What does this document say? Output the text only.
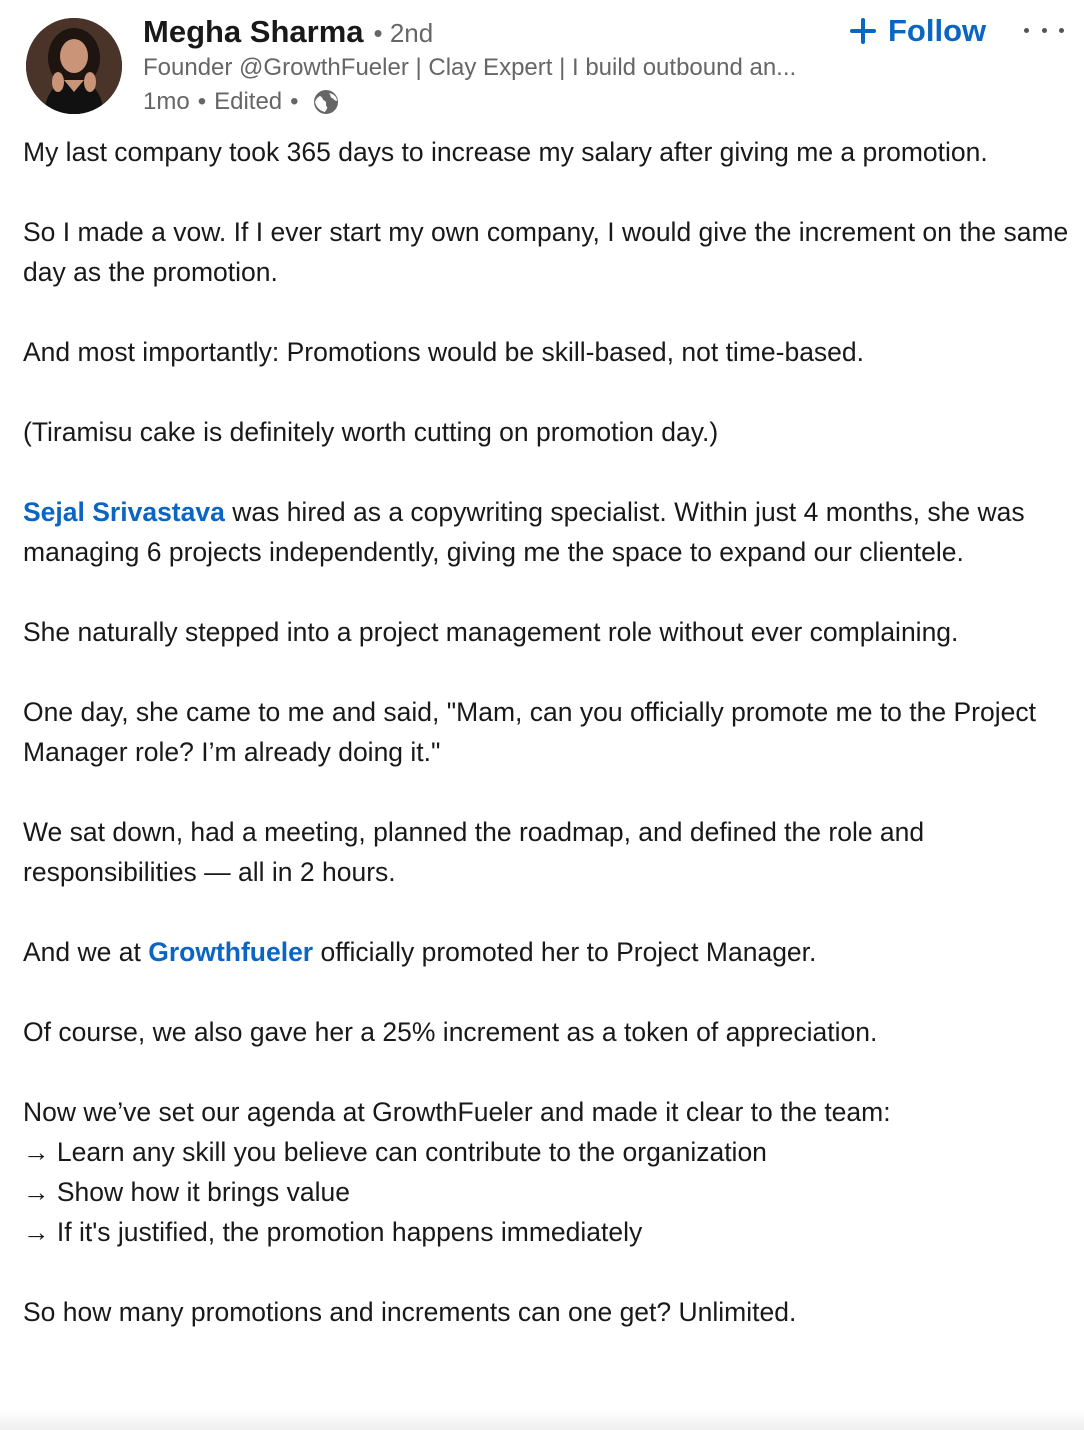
Megha Sharma • 2nd
Founder @GrowthFueler | Clay Expert | I build outbound an...
1mo • Edited •
Follow

My last company took 365 days to increase my salary after giving me a promotion.

So I made a vow. If I ever start my own company, I would give the increment on the same day as the promotion.

And most importantly: Promotions would be skill-based, not time-based.

(Tiramisu cake is definitely worth cutting on promotion day.)

Sejal Srivastava was hired as a copywriting specialist. Within just 4 months, she was managing 6 projects independently, giving me the space to expand our clientele.

She naturally stepped into a project management role without ever complaining.

One day, she came to me and said, "Mam, can you officially promote me to the Project Manager role? I’m already doing it."

We sat down, had a meeting, planned the roadmap, and defined the role and responsibilities — all in 2 hours.

And we at Growthfueler officially promoted her to Project Manager.

Of course, we also gave her a 25% increment as a token of appreciation.

Now we’ve set our agenda at GrowthFueler and made it clear to the team:
→ Learn any skill you believe can contribute to the organization
→ Show how it brings value
→ If it's justified, the promotion happens immediately

So how many promotions and increments can one get? Unlimited.
